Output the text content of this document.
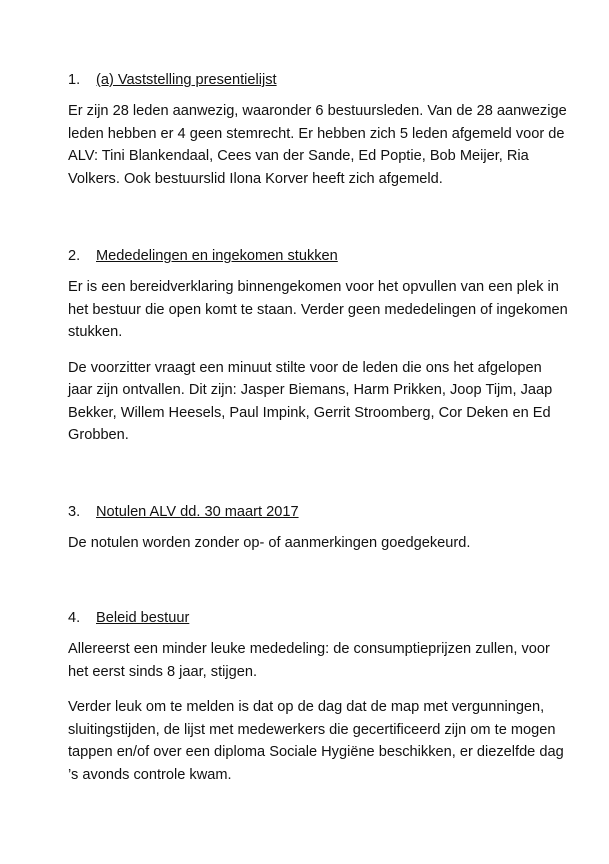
1.	(a) Vaststelling presentielijst

Er zijn 28 leden aanwezig, waaronder 6 bestuursleden. Van de 28 aanwezige leden hebben er 4 geen stemrecht. Er hebben zich 5 leden afgemeld voor de ALV: Tini Blankendaal, Cees van der Sande, Ed Poptie, Bob Meijer, Ria Volkers. Ook bestuurslid Ilona Korver heeft zich afgemeld.

2.	Mededelingen en ingekomen stukken

Er is een bereidverklaring binnengekomen voor het opvullen van een plek in het bestuur die open komt te staan. Verder geen mededelingen of ingekomen stukken.

De voorzitter vraagt een minuut stilte voor de leden die ons het afgelopen jaar zijn ontvallen. Dit zijn: Jasper Biemans, Harm Prikken, Joop Tijm, Jaap Bekker, Willem Heesels, Paul Impink, Gerrit Stroomberg, Cor Deken en Ed Grobben.

3.	Notulen ALV dd. 30 maart 2017

De notulen worden zonder op- of aanmerkingen goedgekeurd.

4.	Beleid bestuur

Allereerst een minder leuke mededeling: de consumptieprijzen zullen, voor het eerst sinds 8 jaar, stijgen.

Verder leuk om te melden is dat op de dag dat de map met vergunningen, sluitingstijden, de lijst met medewerkers die gecertificeerd zijn om te mogen tappen en/of over een diploma Sociale Hygiëne beschikken, er diezelfde dag ’s avonds controle kwam.
